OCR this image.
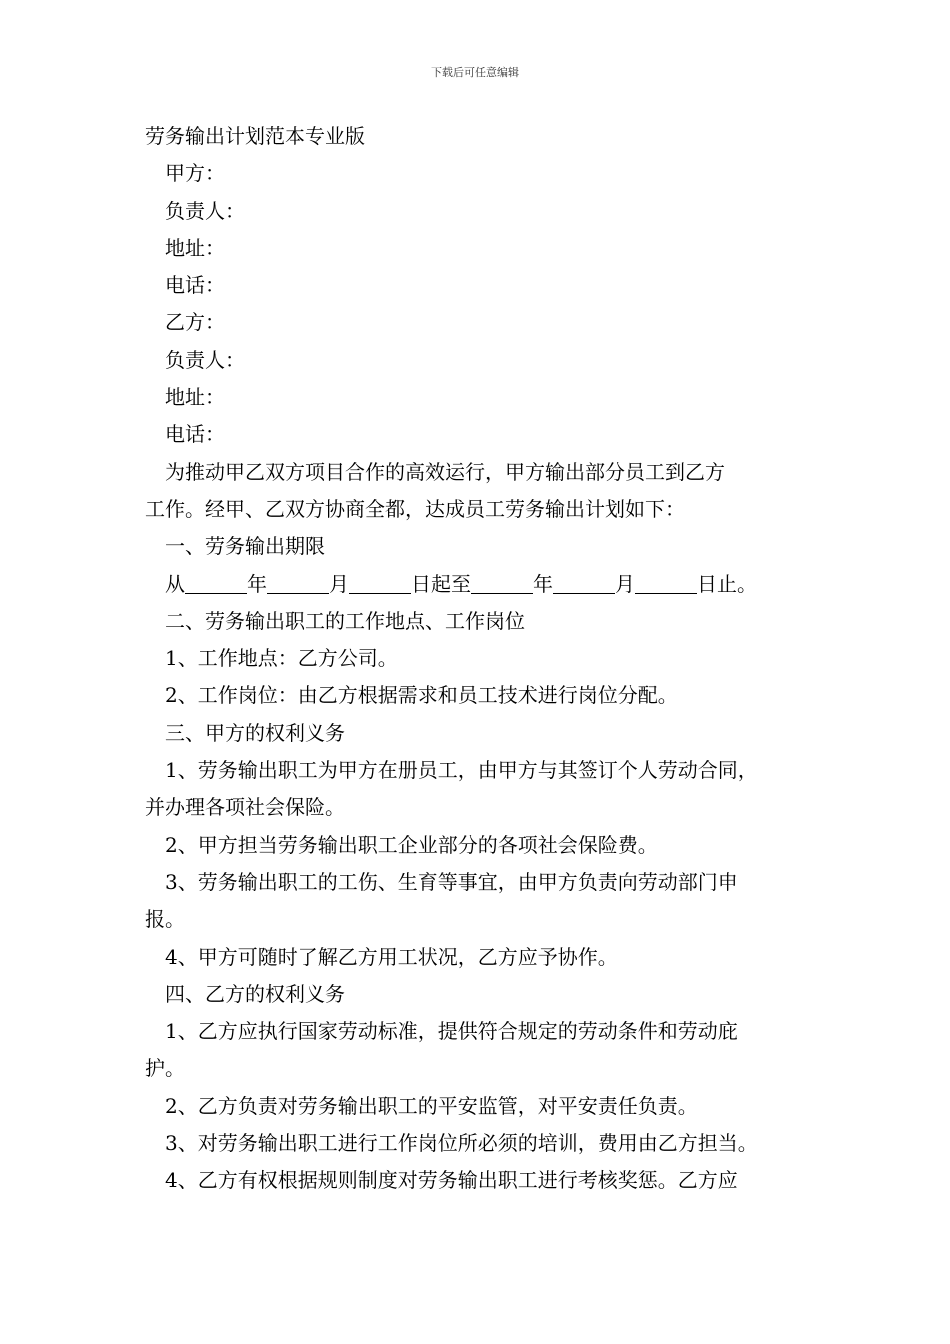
下载后可任意编辑
劳务输出计划范本专业版
甲方：
负责人：
地址：
电话：
乙方：
负责人：
地址：
电话：
为推动甲乙双方项目合作的高效运行，甲方输出部分员工到乙方
工作。经甲、乙双方协商全都，达成员工劳务输出计划如下：
一、劳务输出期限
从	年	月	日起至	年	月	日止。
二、劳务输出职工的工作地点、工作岗位
1、工作地点：乙方公司。
2、工作岗位：由乙方根据需求和员工技术进行岗位分配。
三、甲方的权利义务
1、劳务输出职工为甲方在册员工，由甲方与其签订个人劳动合同，
并办理各项社会保险。
2、甲方担当劳务输出职工企业部分的各项社会保险费。
3、劳务输出职工的工伤、生育等事宜，由甲方负责向劳动部门申
报。
4、甲方可随时了解乙方用工状况，乙方应予协作。
四、乙方的权利义务
1、乙方应执行国家劳动标准，提供符合规定的劳动条件和劳动庇
护。
2、乙方负责对劳务输出职工的平安监管，对平安责任负责。
3、对劳务输出职工进行工作岗位所必须的培训，费用由乙方担当。
4、乙方有权根据规则制度对劳务输出职工进行考核奖惩。乙方应
